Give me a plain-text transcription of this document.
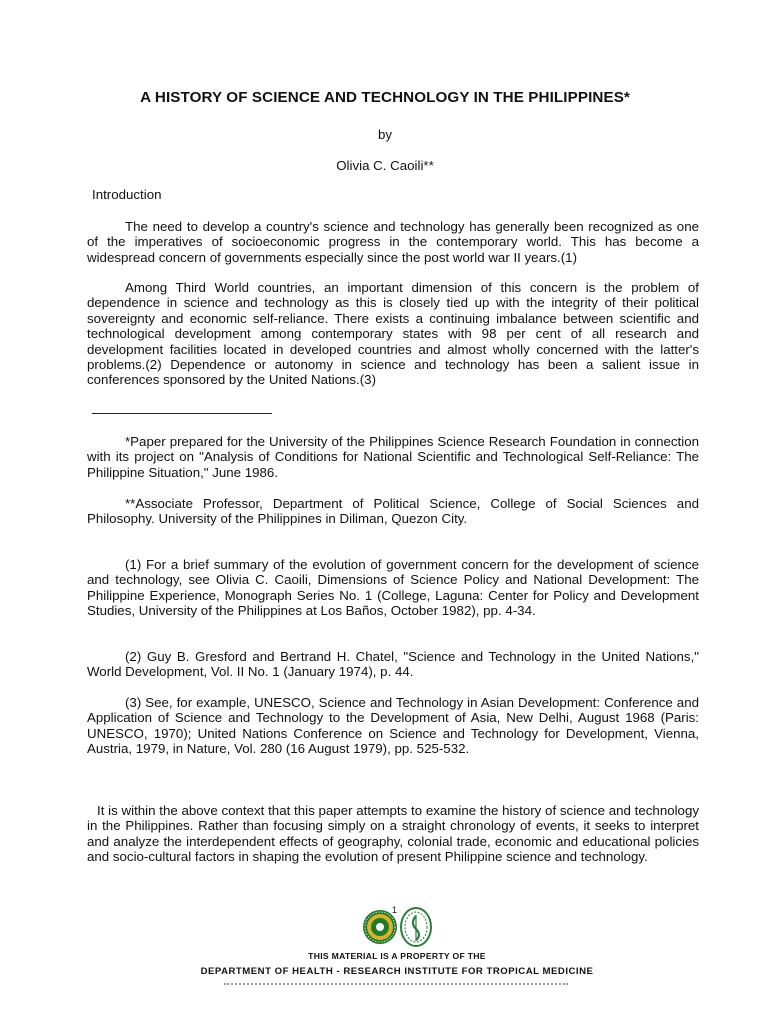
A HISTORY OF SCIENCE AND TECHNOLOGY IN THE PHILIPPINES*
by
Olivia C. Caoili**
Introduction

The need to develop a country's science and technology has generally been recognized as one of the imperatives of socioeconomic progress in the contemporary world. This has become a widespread concern of governments especially since the post world war II years.(1)

Among Third World countries, an important dimension of this concern is the problem of dependence in science and technology as this is closely tied up with the integrity of their political sovereignty and economic self-reliance. There exists a continuing imbalance between scientific and technological development among contemporary states with 98 per cent of all research and development facilities located in developed countries and almost wholly concerned with the latter's problems.(2) Dependence or autonomy in science and technology has been a salient issue in conferences sponsored by the United Nations.(3)

*Paper prepared for the University of the Philippines Science Research Foundation in connection with its project on "Analysis of Conditions for National Scientific and Technological Self-Reliance: The Philippine Situation," June 1986.

**Associate Professor, Department of Political Science, College of Social Sciences and Philosophy. University of the Philippines in Diliman, Quezon City.

(1) For a brief summary of the evolution of government concern for the development of science and technology, see Olivia C. Caoili, Dimensions of Science Policy and National Development: The Philippine Experience, Monograph Series No. 1 (College, Laguna: Center for Policy and Development Studies, University of the Philippines at Los Baños, October 1982), pp. 4-34.

(2) Guy B. Gresford and Bertrand H. Chatel, "Science and Technology in the United Nations," World Development, Vol. II No. 1 (January 1974), p. 44.

(3) See, for example, UNESCO, Science and Technology in Asian Development: Conference and Application of Science and Technology to the Development of Asia, New Delhi, August 1968 (Paris: UNESCO, 1970); United Nations Conference on Science and Technology for Development, Vienna, Austria, 1979, in Nature, Vol. 280 (16 August 1979), pp. 525-532.

It is within the above context that this paper attempts to examine the history of science and technology in the Philippines. Rather than focusing simply on a straight chronology of events, it seeks to interpret and analyze the interdependent effects of geography, colonial trade, economic and educational policies and socio-cultural factors in shaping the evolution of present Philippine science and technology.

1
THIS MATERIAL IS A PROPERTY OF THE
DEPARTMENT OF HEALTH - RESEARCH INSTITUTE FOR TROPICAL MEDICINE
